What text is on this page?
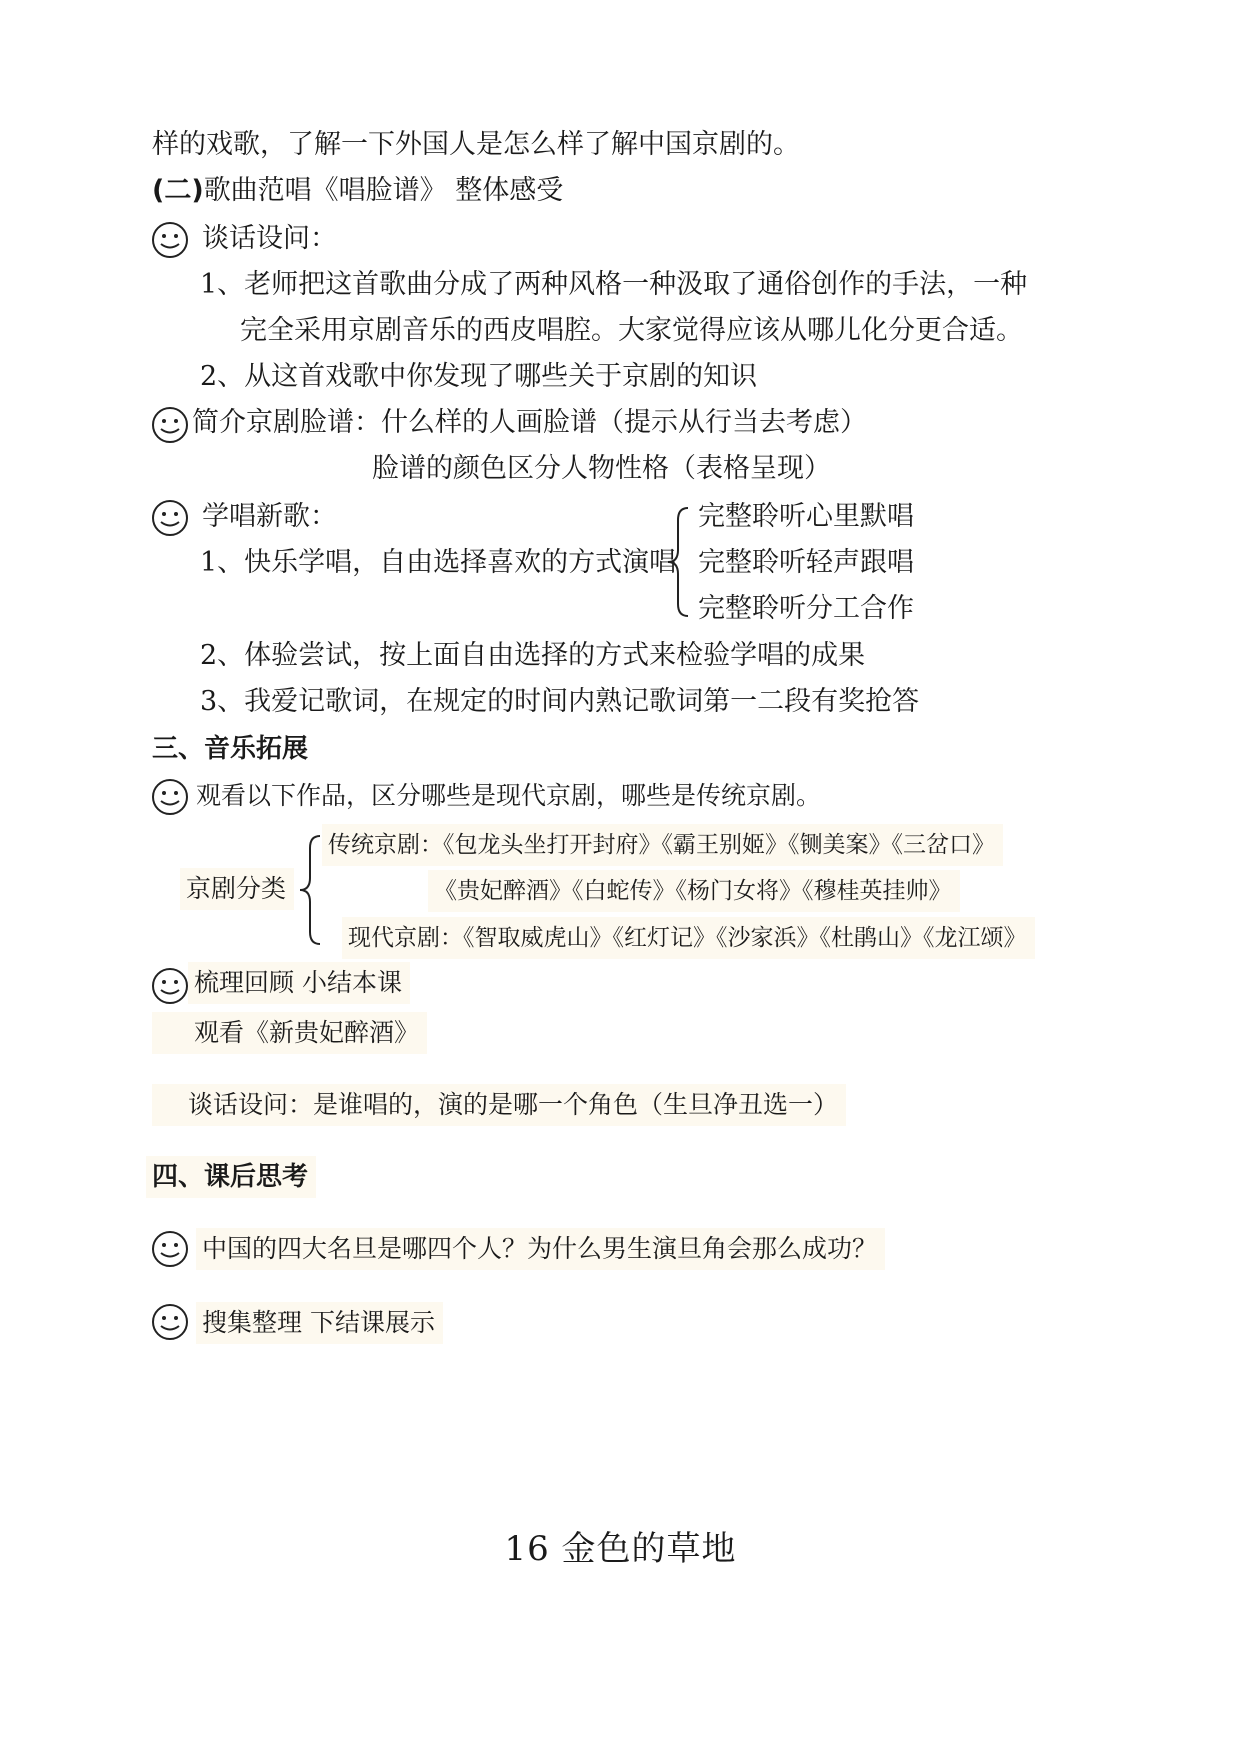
样的戏歌，了解一下外国人是怎么样了解中国京剧的。
(二)歌曲范唱《唱脸谱》 整体感受
谈话设问：
1、老师把这首歌曲分成了两种风格一种汲取了通俗创作的手法，一种
完全采用京剧音乐的西皮唱腔。大家觉得应该从哪儿化分更合适。
2、从这首戏歌中你发现了哪些关于京剧的知识
简介京剧脸谱：什么样的人画脸谱（提示从行当去考虑）
脸谱的颜色区分人物性格（表格呈现）
学唱新歌：
1、快乐学唱，自由选择喜欢的方式演唱
完整聆听心里默唱
完整聆听轻声跟唱
完整聆听分工合作
2、体验尝试，按上面自由选择的方式来检验学唱的成果
3、我爱记歌词，在规定的时间内熟记歌词第一二段有奖抢答
三、音乐拓展
观看以下作品，区分哪些是现代京剧，哪些是传统京剧。
京剧分类
传统京剧：《包龙头坐打开封府》《霸王别姬》《铡美案》《三岔口》
《贵妃醉酒》《白蛇传》《杨门女将》《穆桂英挂帅》
现代京剧：《智取威虎山》《红灯记》《沙家浜》《杜鹃山》《龙江颂》
梳理回顾 小结本课
观看《新贵妃醉酒》
谈话设问：是谁唱的，演的是哪一个角色（生旦净丑选一）
四、课后思考
中国的四大名旦是哪四个人？为什么男生演旦角会那么成功？
搜集整理 下结课展示
16 金色的草地
